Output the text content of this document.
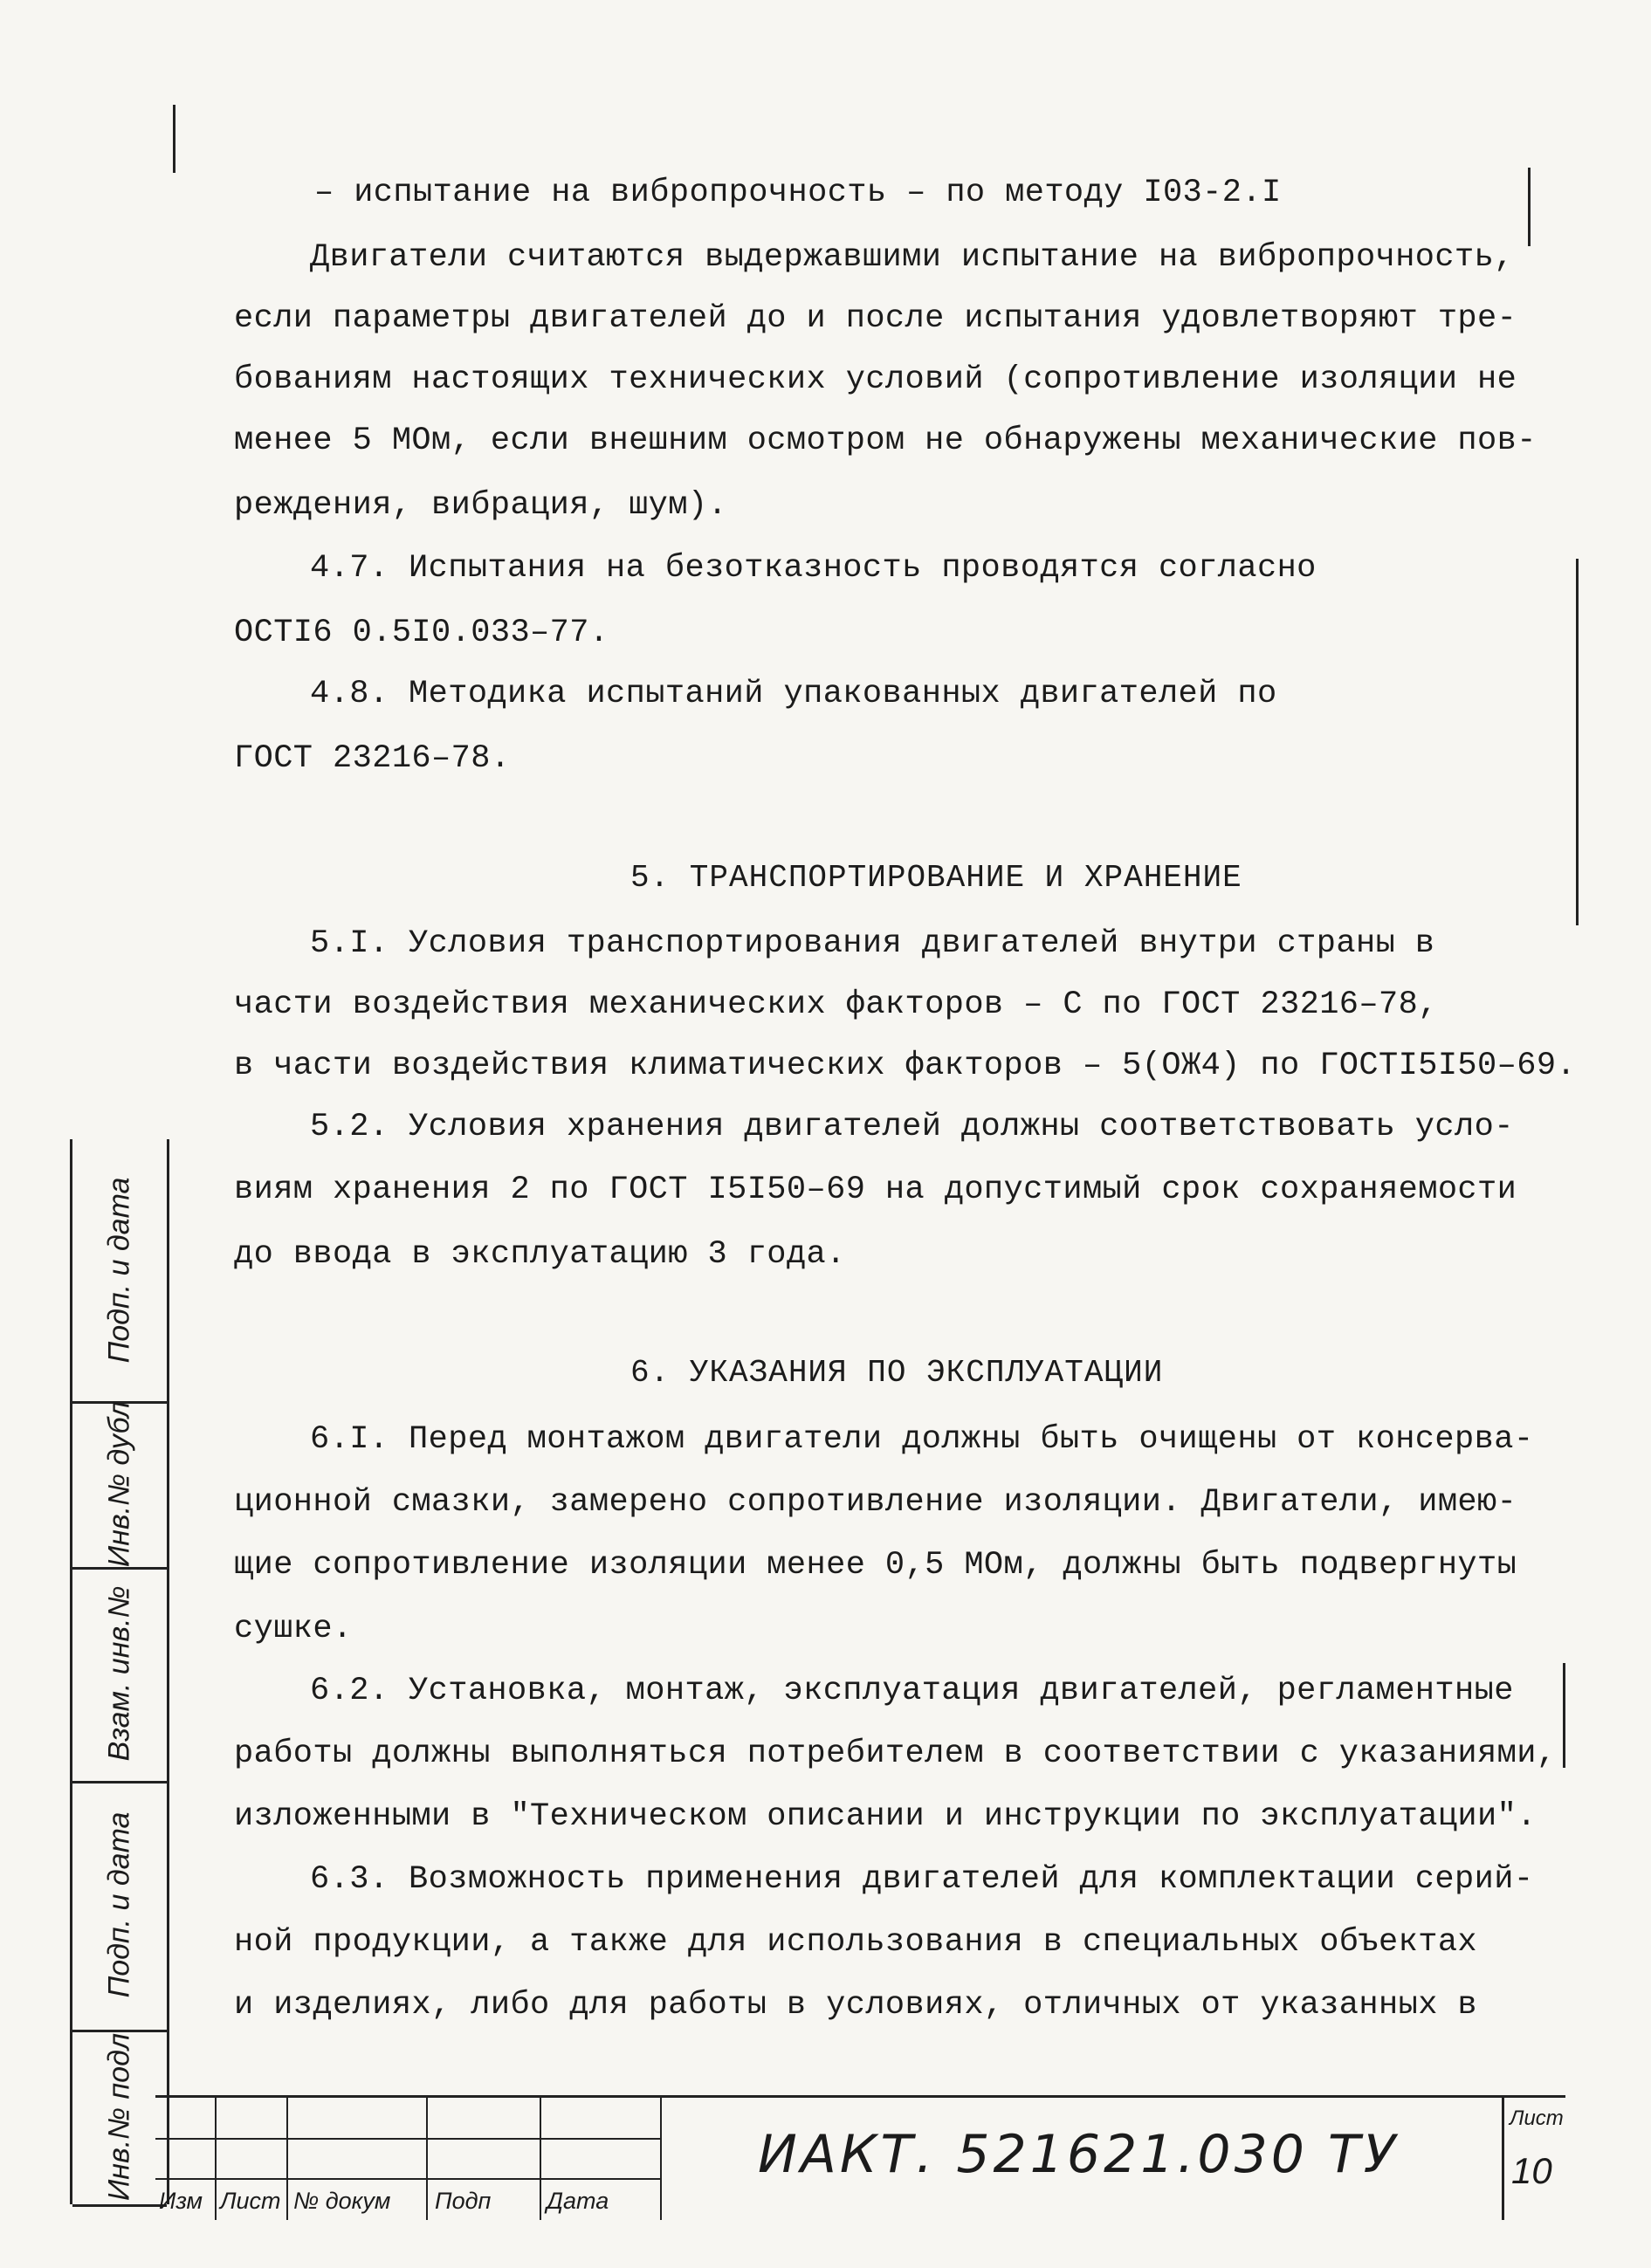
– испытание на вибропрочность – по методу I03-2.I
Двигатели считаются выдержавшими испытание на вибропрочность,
если параметры двигателей до и после испытания удовлетворяют тре-
бованиям настоящих технических условий (сопротивление изоляции не
менее 5 МОм, если внешним осмотром не обнаружены механические пов-
реждения, вибрация, шум).
4.7. Испытания на безотказность проводятся согласно
ОСТI6 0.5I0.033–77.
4.8. Методика испытаний упакованных двигателей по
ГОСТ 23216–78.
5. ТРАНСПОРТИРОВАНИЕ И ХРАНЕНИЕ
5.I. Условия транспортирования двигателей внутри страны в
части воздействия механических факторов – С по ГОСТ 23216–78,
в части воздействия климатических факторов – 5(ОЖ4) по ГОСТI5I50–69.
5.2. Условия хранения двигателей должны соответствовать усло-
виям хранения 2 по ГОСТ I5I50–69 на допустимый срок сохраняемости
до ввода в эксплуатацию 3 года.
6. УКАЗАНИЯ ПО ЭКСПЛУАТАЦИИ
6.I. Перед монтажом двигатели должны быть очищены от консерва-
ционной смазки, замерено сопротивление изоляции. Двигатели, имею-
щие сопротивление изоляции менее 0,5 МОм, должны быть подвергнуты
сушке.
6.2. Установка, монтаж, эксплуатация двигателей, регламентные
работы должны выполняться потребителем в соответствии с указаниями,
изложенными в "Техническом описании и инструкции по эксплуатации".
6.3. Возможность применения двигателей для комплектации серий-
ной продукции, а также для использования в специальных объектах
и изделиях, либо для работы в условиях, отличных от указанных в
Подп. и дата
Инв.№ дубл
Взам. инв.№
Подп. и дата
Инв.№ подл Изм Лист № докум Подп Дата
ИАКТ. 521621.030 ТУ
Лист
10
